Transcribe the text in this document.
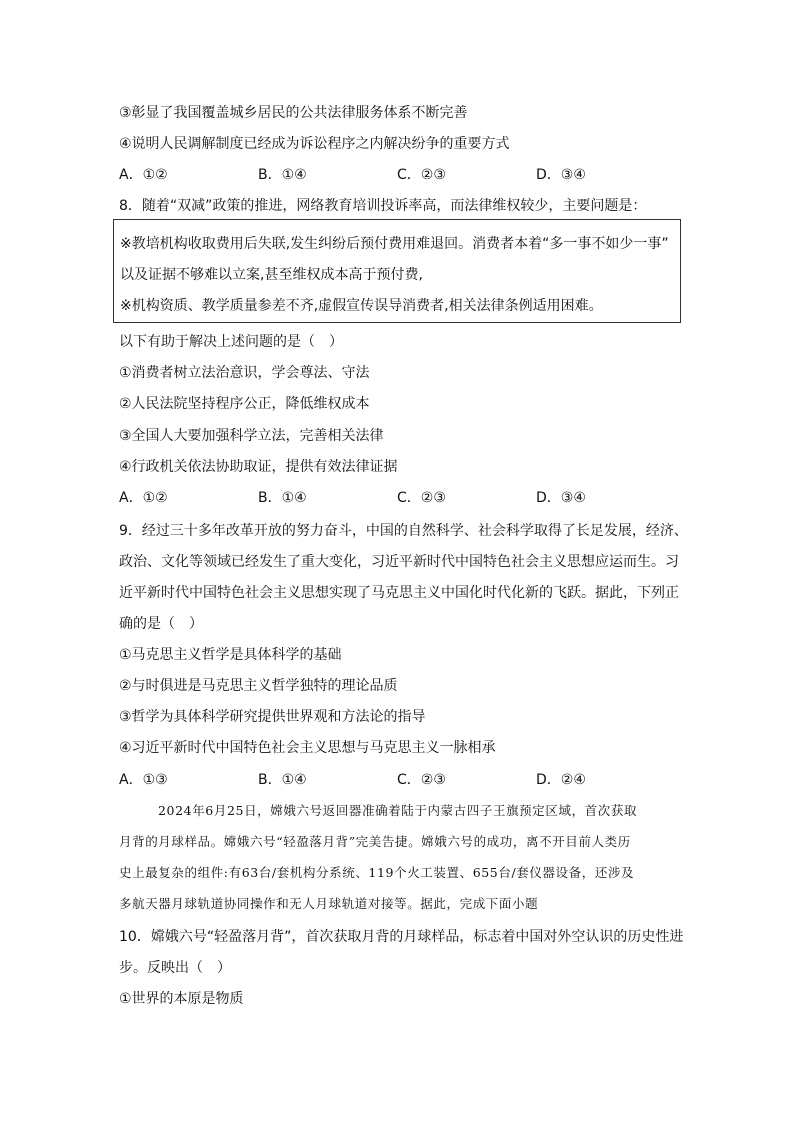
③彰显了我国覆盖城乡居民的公共法律服务体系不断完善
④说明人民调解制度已经成为诉讼程序之内解决纷争的重要方式
A．①②	B．①④	C．②③	D．③④
8．随着“双减”政策的推进，网络教育培训投诉率高，而法律维权较少，主要问题是：
※教培机构收取费用后失联,发生纠纷后预付费用难退回。消费者本着“多一事不如少一事”
以及证据不够难以立案,甚至维权成本高于预付费,
※机构资质、教学质量参差不齐,虚假宣传误导消费者,相关法律条例适用困难。
以下有助于解决上述问题的是（　）
①消费者树立法治意识，学会尊法、守法
②人民法院坚持程序公正，降低维权成本
③全国人大要加强科学立法，完善相关法律
④行政机关依法协助取证，提供有效法律证据
A．①②	B．①④	C．②③	D．③④
9．经过三十多年改革开放的努力奋斗，中国的自然科学、社会科学取得了长足发展，经济、
政治、文化等领域已经发生了重大变化，习近平新时代中国特色社会主义思想应运而生。习
近平新时代中国特色社会主义思想实现了马克思主义中国化时代化新的飞跃。据此，下列正
确的是（　）
①马克思主义哲学是具体科学的基础
②与时俱进是马克思主义哲学独特的理论品质
③哲学为具体科学研究提供世界观和方法论的指导
④习近平新时代中国特色社会主义思想与马克思主义一脉相承
A．①③	B．①④	C．②③	D．②④
2024年6月25日，嫦娥六号返回器准确着陆于内蒙古四子王旗预定区域，首次获取
月背的月球样品。嫦娥六号“轻盈落月背”完美告捷。嫦娥六号的成功，离不开目前人类历
史上最复杂的组件:有63台/套机构分系统、119个火工装置、655台/套仪器设备，还涉及
多航天器月球轨道协同操作和无人月球轨道对接等。据此，完成下面小题
10．嫦娥六号“轻盈落月背”，首次获取月背的月球样品，标志着中国对外空认识的历史性进
步。反映出（　）
①世界的本原是物质
